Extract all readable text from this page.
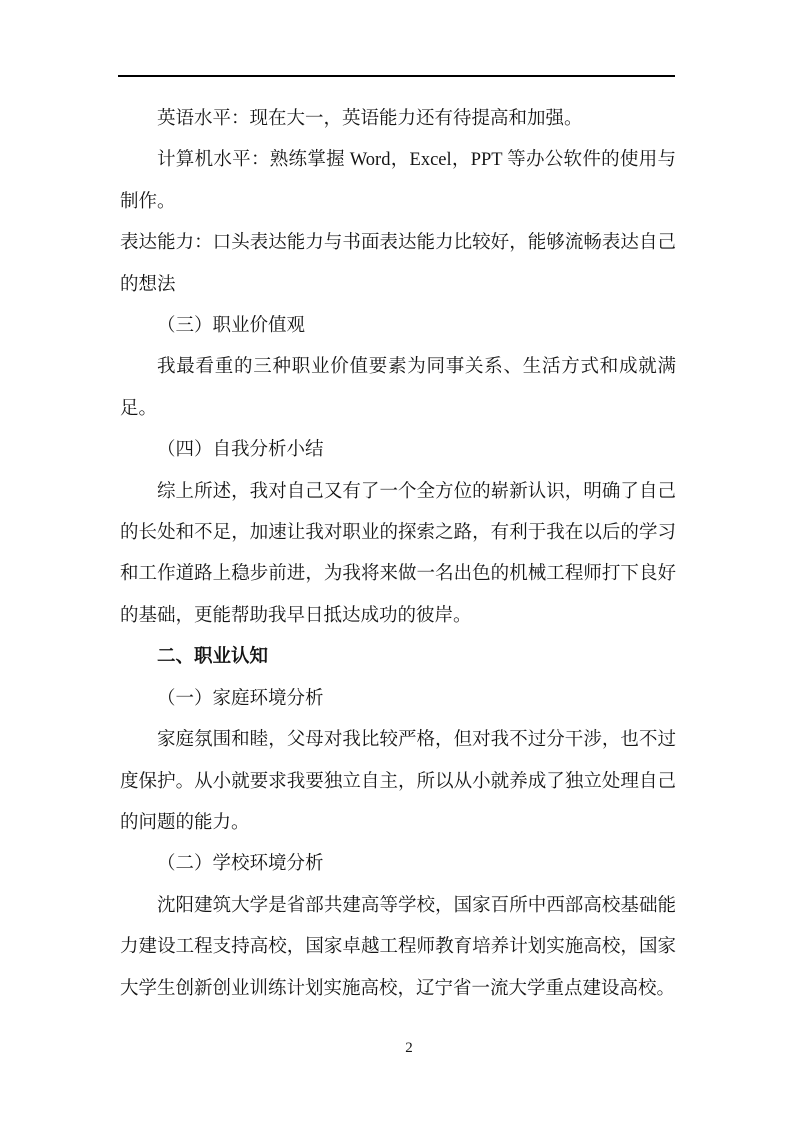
英语水平：现在大一，英语能力还有待提高和加强。

计算机水平：熟练掌握 Word，Excel，PPT 等办公软件的使用与制作。

表达能力：口头表达能力与书面表达能力比较好，能够流畅表达自己的想法

（三）职业价值观

我最看重的三种职业价值要素为同事关系、生活方式和成就满足。

（四）自我分析小结

综上所述，我对自己又有了一个全方位的崭新认识，明确了自己的长处和不足，加速让我对职业的探索之路，有利于我在以后的学习和工作道路上稳步前进，为我将来做一名出色的机械工程师打下良好的基础，更能帮助我早日抵达成功的彼岸。

二、职业认知

（一）家庭环境分析

家庭氛围和睦，父母对我比较严格，但对我不过分干涉，也不过度保护。从小就要求我要独立自主，所以从小就养成了独立处理自己的问题的能力。

（二）学校环境分析

沈阳建筑大学是省部共建高等学校，国家百所中西部高校基础能力建设工程支持高校，国家卓越工程师教育培养计划实施高校，国家大学生创新创业训练计划实施高校，辽宁省一流大学重点建设高校。

2
